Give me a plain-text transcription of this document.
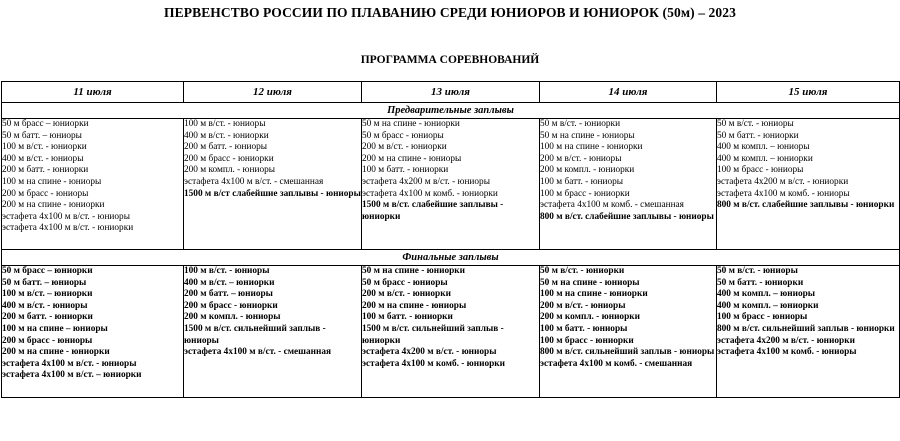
ПЕРВЕНСТВО РОССИИ ПО ПЛАВАНИЮ СРЕДИ ЮНИОРОВ И ЮНИОРОК (50м) – 2023
ПРОГРАММА СОРЕВНОВАНИЙ
11 июля	12 июля	13 июля	14 июля	15 июля
Предварительные заплывы				

50 м брасс – юниорки
50 м батт. – юниоры
100 м в/ст. - юниорки
400 м в/ст. - юниоры
200 м батт. - юниорки
100 м на спине - юниоры
200 м брасс - юниоры
200 м на спине - юниорки
эстафета 4х100 м в/ст. - юниоры
эстафета 4х100 м в/ст. - юниорки

100 м в/ст. - юниоры
400 м в/ст. - юниорки
200 м батт. - юниоры
200 м брасс - юниорки
200 м компл. - юниоры
эстафета 4х100 м в/ст. - смешанная
1500 м в/ст слабейшие заплывы - юниоры

50 м на спине - юниорки
50 м брасс - юниоры
200 м в/ст. - юниорки
200 м на спине - юниоры
100 м батт. - юниорки
эстафета 4х200 м в/ст. - юниоры
эстафета 4х100 м комб. - юниорки
1500 м в/ст. слабейшие заплывы - юниорки

50 м в/ст. - юниорки
50 м на спине - юниоры
100 м на спине - юниорки
200 м в/ст. - юниоры
200 м компл. - юниорки
100 м батт. - юниоры
100 м брасс - юниорки
эстафета 4х100 м комб. - смешанная
800 м в/ст. слабейшие заплывы - юниоры

50 м в/ст. - юниоры
50 м батт. - юниорки
400 м компл. – юниоры
400 м компл. – юниорки
100 м брасс - юниоры
эстафета 4х200 м в/ст. - юниорки
эстафета 4х100 м комб. - юниоры
800 м в/ст. слабейшие заплывы - юниорки

Финальные заплывы				

50 м брасс – юниорки
50 м батт. – юниоры
100 м в/ст. – юниорки
400 м в/ст. - юниоры
200 м батт. - юниорки
100 м на спине – юниоры
200 м брасс - юниоры
200 м на спине - юниорки
эстафета 4х100 м в/ст. - юниоры
эстафета 4х100 м в/ст. – юниорки

100 м в/ст. - юниоры
400 м в/ст. – юниорки
200 м батт. – юниоры
200 м брасс - юниорки
200 м компл. - юниоры
1500 м в/ст. сильнейший заплыв - юниоры
эстафета 4х100 м в/ст. - смешанная

50 м на спине - юниорки
50 м брасс - юниоры
200 м в/ст. - юниорки
200 м на спине - юниоры
100 м батт. - юниорки
1500 м в/ст. сильнейший заплыв - юниорки
эстафета 4х200 м в/ст. - юниоры
эстафета 4х100 м комб. - юниорки

50 м в/ст. - юниорки
50 м на спине - юниоры
100 м на спине - юниорки
200 м в/ст. - юниоры
200 м компл. - юниорки
100 м батт. - юниоры
100 м брасс - юниорки
800 м в/ст. сильнейший заплыв - юниоры
эстафета 4х100 м комб. - смешанная

50 м в/ст. - юниоры
50 м батт. - юниорки
400 м компл. – юниоры
400 м компл. – юниорки
100 м брасс - юниоры
800 м в/ст. сильнейший заплыв - юниорки
эстафета 4х200 м в/ст. - юниорки
эстафета 4х100 м комб. - юниоры
